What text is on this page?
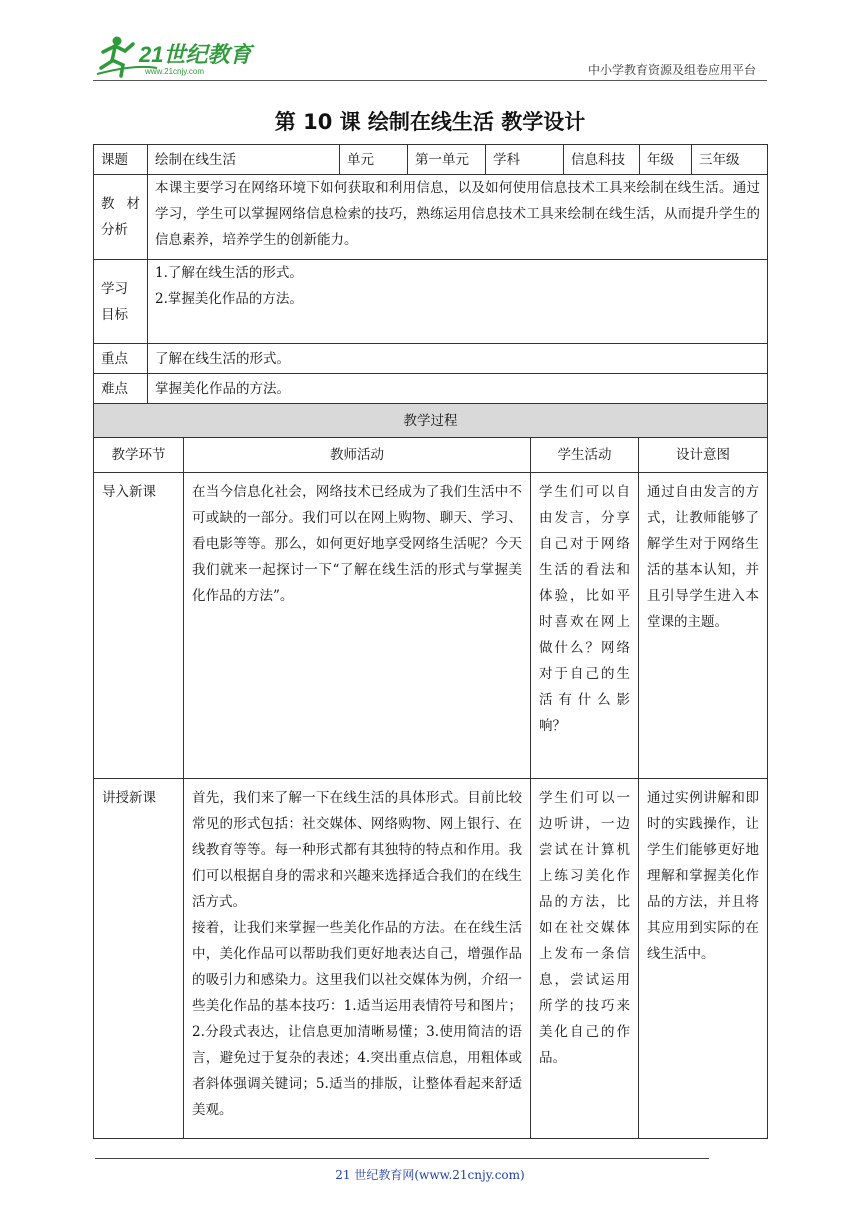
21世纪教育
www.21cnjy.com	中小学教育资源及组卷应用平台
第 10 课 绘制在线生活 教学设计
课题	绘制在线生活	单元	第一单元	学科	信息科技	年级	三年级
教 材 分析	本课主要学习在网络环境下如何获取和利用信息，以及如何使用信息技术工具来绘制在线生活。通过学习，学生可以掌握网络信息检索的技巧，熟练运用信息技术工具来绘制在线生活，从而提升学生的信息素养，培养学生的创新能力。						
学习 目标	1.了解在线生活的形式。
2.掌握美化作品的方法。						

重点	了解在线生活的形式。						
难点	掌握美化作品的方法。						
教学过程			
教学环节	教师活动	学生活动	设计意图
导入新课	在当今信息化社会，网络技术已经成为了我们生活中不可或缺的一部分。我们可以在网上购物、聊天、学习、看电影等等。那么，如何更好地享受网络生活呢？今天我们就来一起探讨一下“了解在线生活的形式与掌握美化作品的方法”。	学生们可以自由发言，分享自己对于网络生活的看法和体验，比如平时喜欢在网上做什么？网络对于自己的生活有什么影响？	通过自由发言的方式，让教师能够了解学生对于网络生活的基本认知，并且引导学生进入本堂课的主题。
讲授新课	首先，我们来了解一下在线生活的具体形式。目前比较常见的形式包括：社交媒体、网络购物、网上银行、在线教育等等。每一种形式都有其独特的特点和作用。我们可以根据自身的需求和兴趣来选择适合我们的在线生活方式。
接着，让我们来掌握一些美化作品的方法。在在线生活中，美化作品可以帮助我们更好地表达自己，增强作品的吸引力和感染力。这里我们以社交媒体为例，介绍一些美化作品的基本技巧：1.适当运用表情符号和图片；2.分段式表达，让信息更加清晰易懂；3.使用简洁的语言，避免过于复杂的表述；4.突出重点信息，用粗体或者斜体强调关键词；5.适当的排版，让整体看起来舒适美观。	学生们可以一边听讲，一边尝试在计算机上练习美化作品的方法，比如在社交媒体上发布一条信息，尝试运用所学的技巧来美化自己的作品。	通过实例讲解和即时的实践操作，让学生们能够更好地理解和掌握美化作品的方法，并且将其应用到实际的在线生活中。
21 世纪教育网(www.21cnjy.com)
